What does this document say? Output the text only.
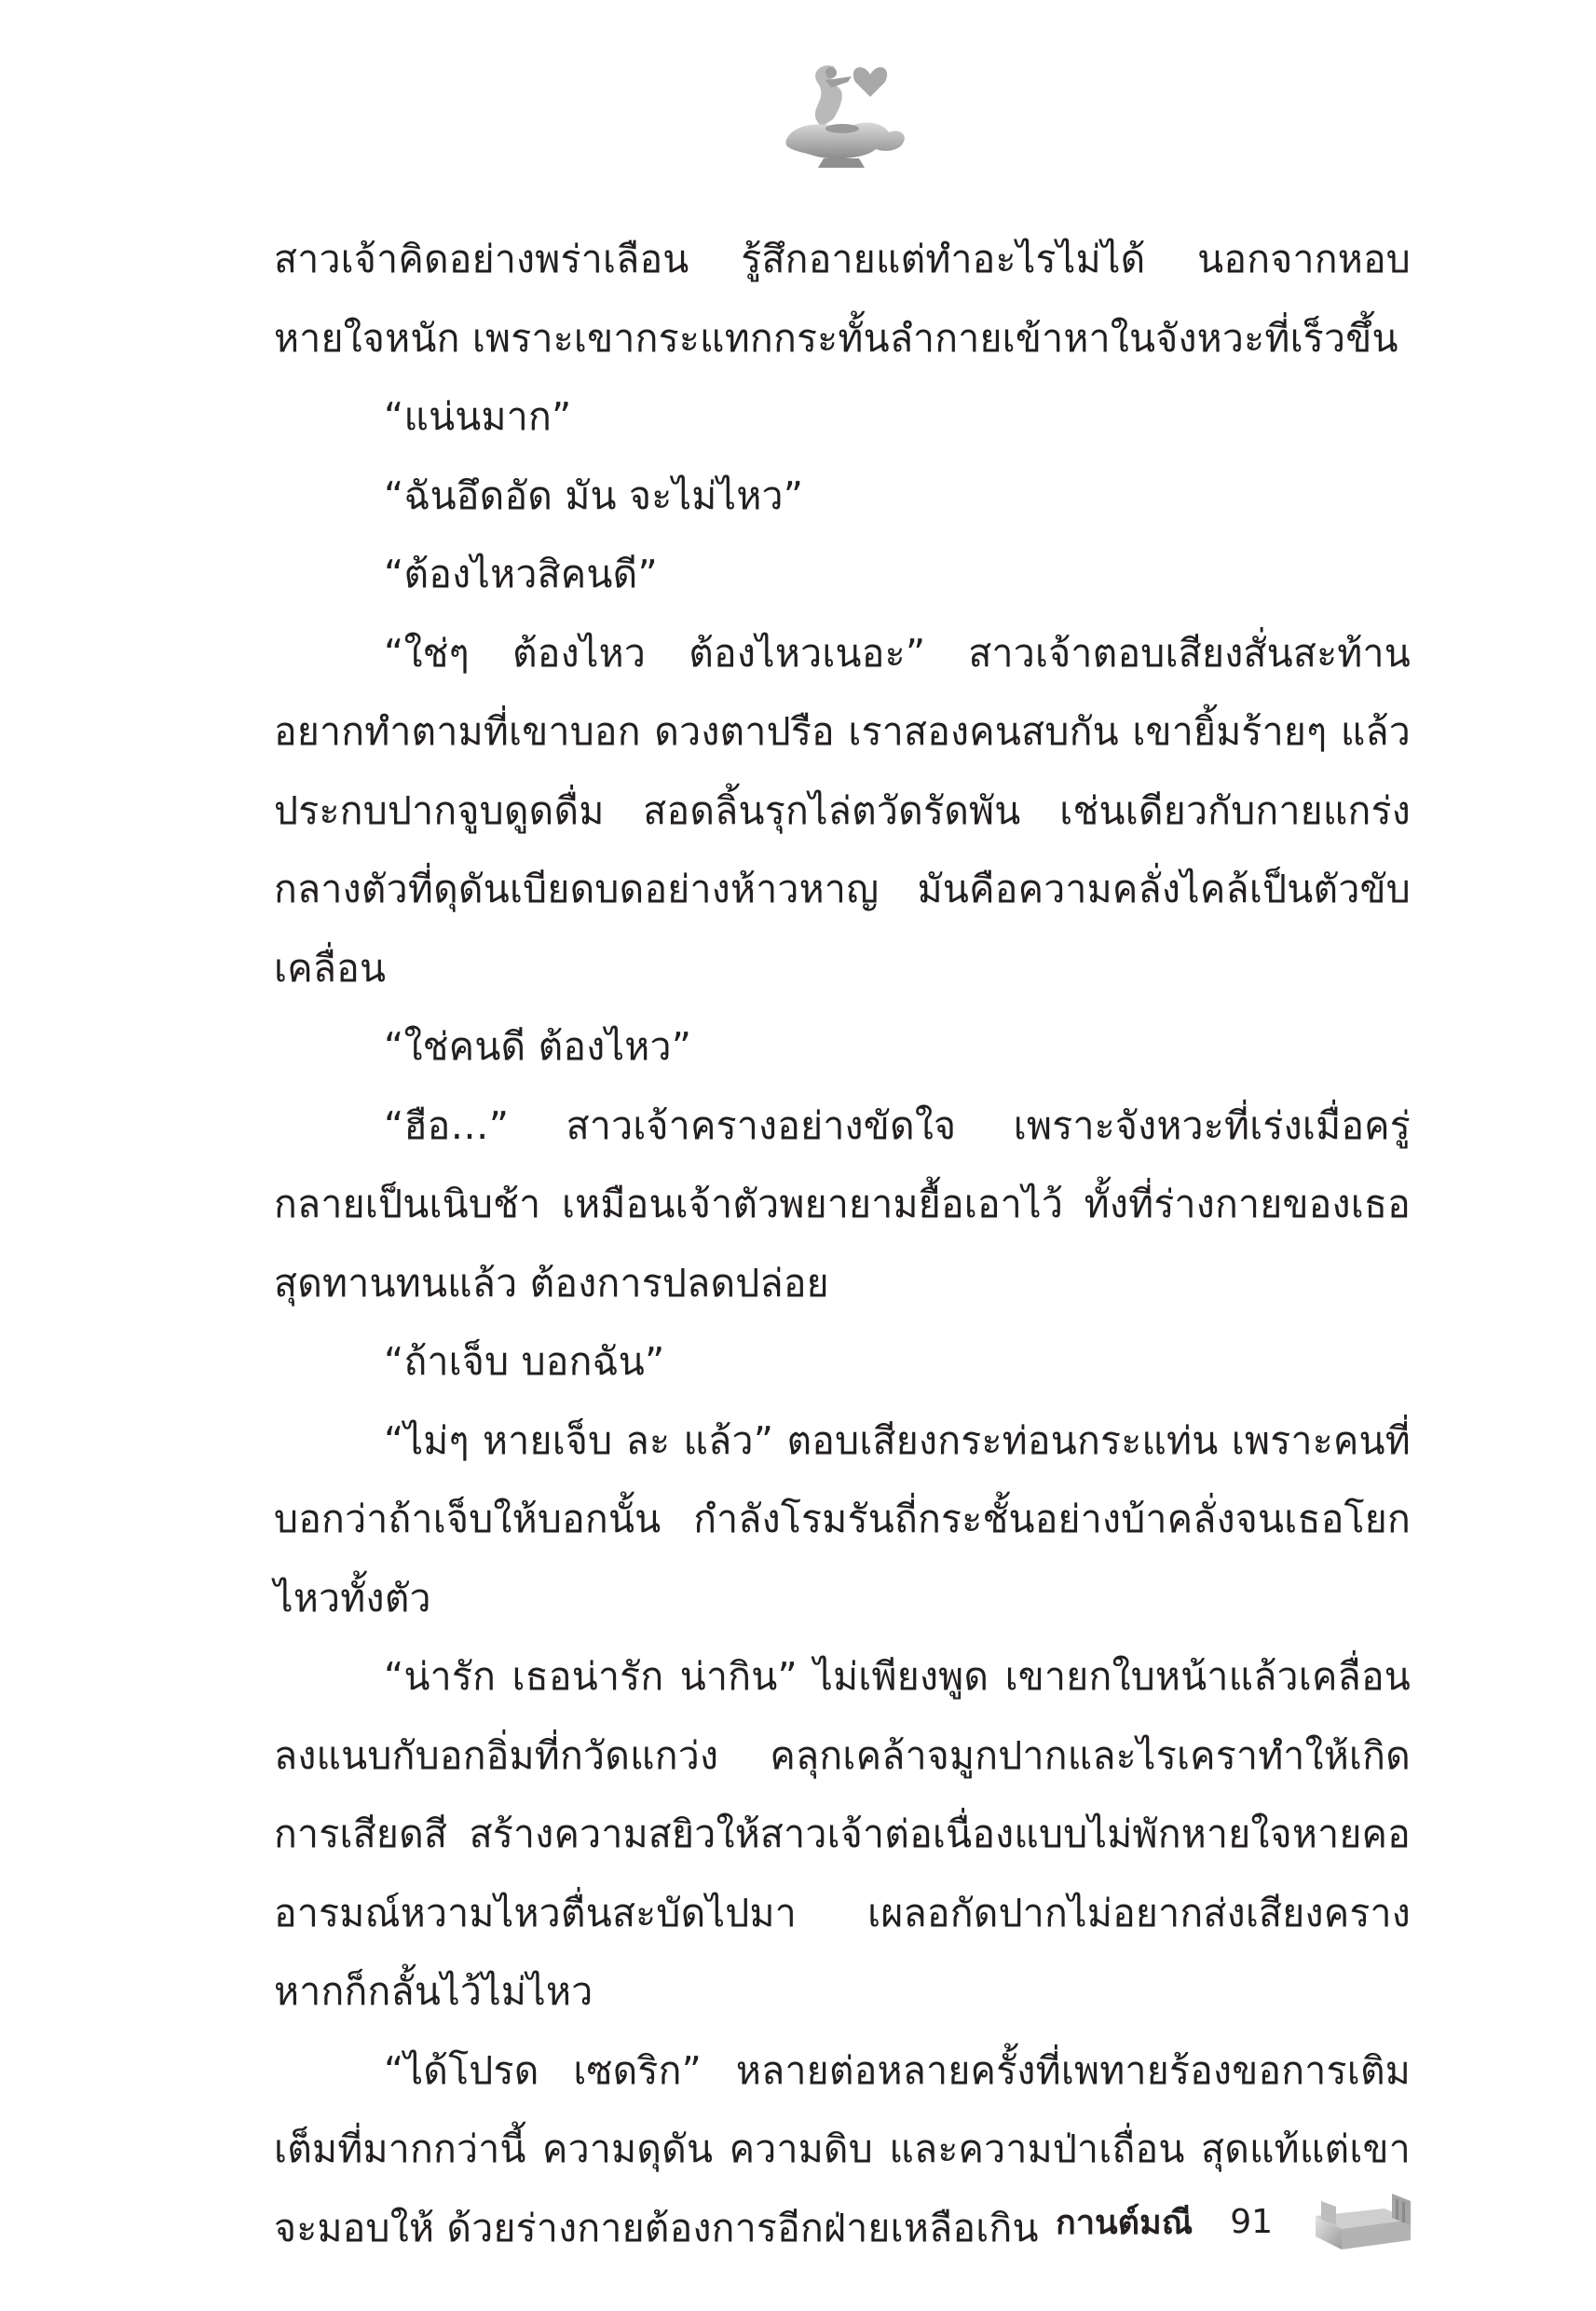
สาวเจ้าคิดอย่างพร่าเลือน รู้สึกอายแต่ทำอะไรไม่ได้ นอกจากหอบหายใจหนัก เพราะเขากระแทกกระทั้นลำกายเข้าหาในจังหวะที่เร็วขึ้น

“แน่นมาก”

“ฉันอึดอัด มัน จะไม่ไหว”

“ต้องไหวสิคนดี”

“ใช่ๆ ต้องไหว ต้องไหวเนอะ” สาวเจ้าตอบเสียงสั่นสะท้าน อยากทำตามที่เขาบอก ดวงตาปรือ เราสองคนสบกัน เขายิ้มร้ายๆ แล้ว ประกบปากจูบดูดดื่ม สอดลิ้นรุกไล่ตวัดรัดพัน เช่นเดียวกับกายแกร่งกลางตัวที่ดุดันเบียดบดอย่างห้าวหาญ มันคือความคลั่งไคล้เป็นตัวขับเคลื่อน

“ใช่คนดี ต้องไหว”

“ฮือ…” สาวเจ้าครางอย่างขัดใจ เพราะจังหวะที่เร่งเมื่อครู่กลายเป็นเนิบช้า เหมือนเจ้าตัวพยายามยื้อเอาไว้ ทั้งที่ร่างกายของเธอสุดทานทนแล้ว ต้องการปลดปล่อย

“ถ้าเจ็บ บอกฉัน”

“ไม่ๆ หายเจ็บ ละ แล้ว” ตอบเสียงกระท่อนกระแท่น เพราะคนที่บอกว่าถ้าเจ็บให้บอกนั้น กำลังโรมรันถี่กระชั้นอย่างบ้าคลั่งจนเธอโยกไหวทั้งตัว

“น่ารัก เธอน่ารัก น่ากิน” ไม่เพียงพูด เขายกใบหน้าแล้วเคลื่อนลงแนบกับอกอิ่มที่กวัดแกว่ง คลุกเคล้าจมูกปากและไรเคราทำให้เกิดการเสียดสี สร้างความสยิวให้สาวเจ้าต่อเนื่องแบบไม่พักหายใจหายคอ อารมณ์หวามไหวตื่นสะบัดไปมา เผลอกัดปากไม่อยากส่งเสียงคราง หากก็กลั้นไว้ไม่ไหว

“ได้โปรด เซดริก” หลายต่อหลายครั้งที่เพทายร้องขอการเติมเต็มที่มากกว่านี้ ความดุดัน ความดิบ และความป่าเถื่อน สุดแท้แต่เขาจะมอบให้ ด้วยร่างกายต้องการอีกฝ่ายเหลือเกิน กานต์มณี 91
